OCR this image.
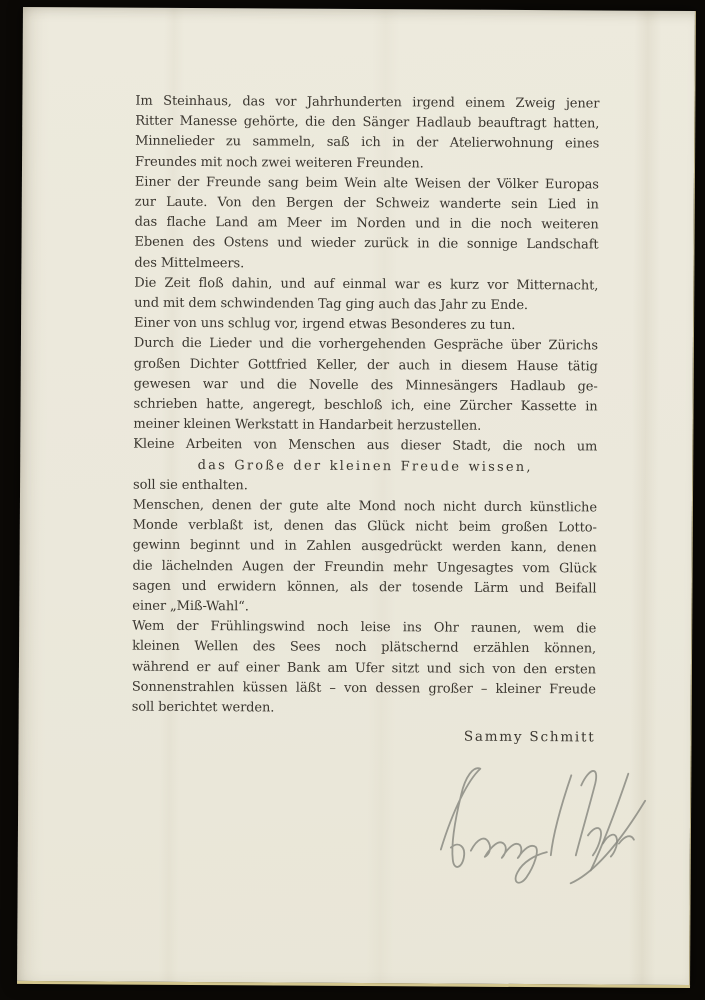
Im Steinhaus, das vor Jahrhunderten irgend einem Zweig jener
Ritter Manesse gehörte, die den Sänger Hadlaub beauftragt hatten,
Minnelieder zu sammeln, saß ich in der Atelierwohnung eines
Freundes mit noch zwei weiteren Freunden.
Einer der Freunde sang beim Wein alte Weisen der Völker Europas
zur Laute. Von den Bergen der Schweiz wanderte sein Lied in
das flache Land am Meer im Norden und in die noch weiteren
Ebenen des Ostens und wieder zurück in die sonnige Landschaft
des Mittelmeers.
Die Zeit floß dahin, und auf einmal war es kurz vor Mitternacht,
und mit dem schwindenden Tag ging auch das Jahr zu Ende.
Einer von uns schlug vor, irgend etwas Besonderes zu tun.
Durch die Lieder und die vorhergehenden Gespräche über Zürichs
großen Dichter Gottfried Keller, der auch in diesem Hause tätig
gewesen war und die Novelle des Minnesängers Hadlaub ge-
schrieben hatte, angeregt, beschloß ich, eine Zürcher Kassette in
meiner kleinen Werkstatt in Handarbeit herzustellen.
Kleine Arbeiten von Menschen aus dieser Stadt, die noch um
das Große der kleinen Freude wissen,
soll sie enthalten.
Menschen, denen der gute alte Mond noch nicht durch künstliche
Monde verblaßt ist, denen das Glück nicht beim großen Lotto-
gewinn beginnt und in Zahlen ausgedrückt werden kann, denen
die lächelnden Augen der Freundin mehr Ungesagtes vom Glück
sagen und erwidern können, als der tosende Lärm und Beifall
einer „Miß-Wahl“.
Wem der Frühlingswind noch leise ins Ohr raunen, wem die
kleinen Wellen des Sees noch plätschernd erzählen können,
während er auf einer Bank am Ufer sitzt und sich von den ersten
Sonnenstrahlen küssen läßt – von dessen großer – kleiner Freude
soll berichtet werden.
Sammy Schmitt
